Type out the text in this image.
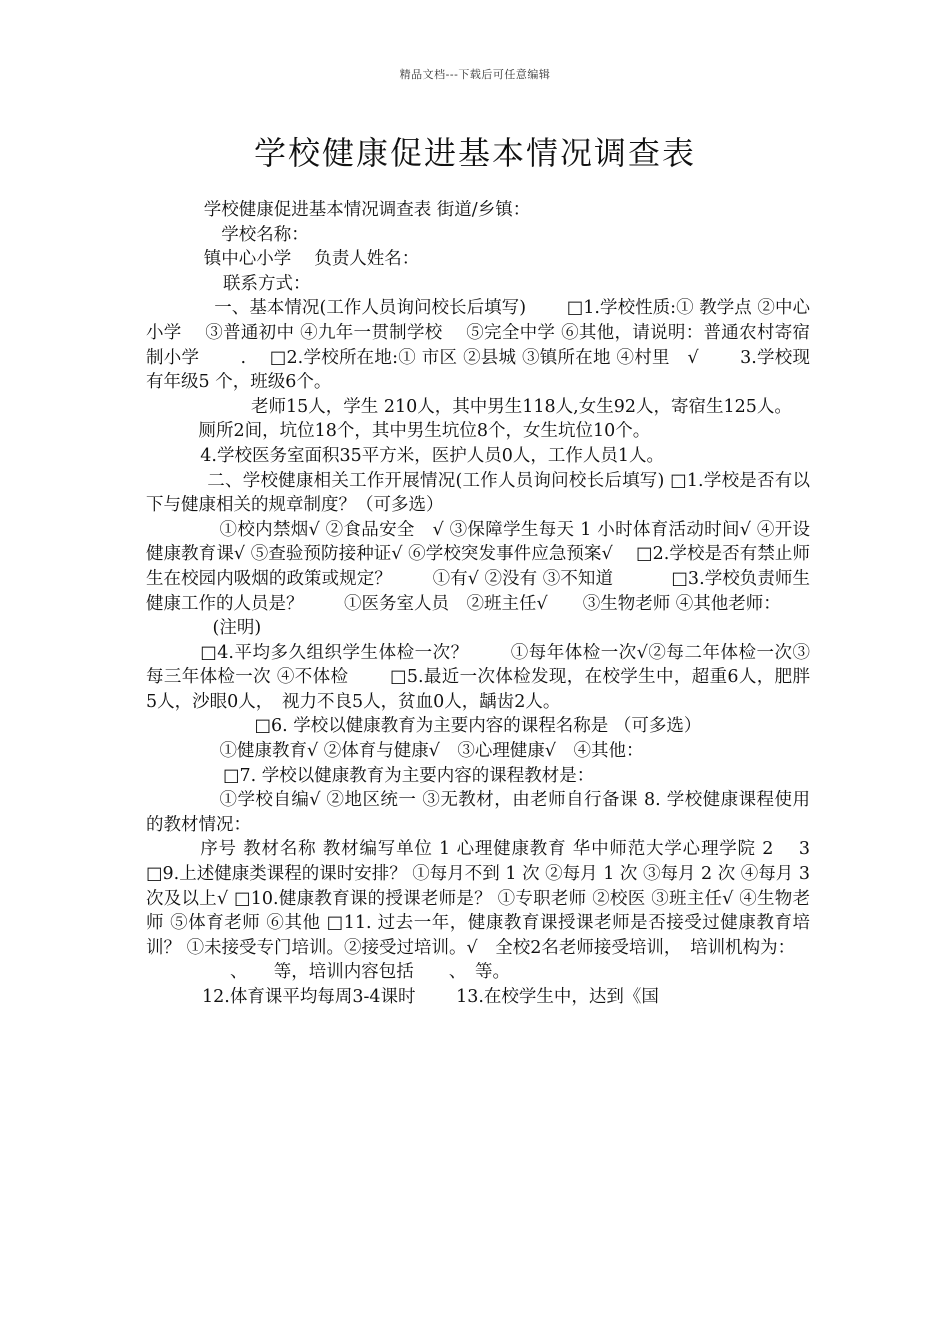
精品文档---下载后可任意编辑
学校健康促进基本情况调查表

学校健康促进基本情况调查表 街道/乡镇：

学校名称：

镇中心小学　 负责人姓名：

联系方式：

一、基本情况(工作人员询问校长后填写)　　 □1.学校性质:① 教学点 ②中心小学　 ③普通初中 ④九年一贯制学校　 ⑤完全中学 ⑥其他，请说明：普通农村寄宿制小学　　 .　 □2.学校所在地:① 市区 ②县城 ③镇所在地 ④村里　√　　 3.学校现有年级5 个，班级6个。

老师15人，学生 210人，其中男生118人,女生92人，寄宿生125人。

厕所2间，坑位18个，其中男生坑位8个，女生坑位10个。

4.学校医务室面积35平方米，医护人员0人，工作人员1人。

二、学校健康相关工作开展情况(工作人员询问校长后填写) □1.学校是否有以下与健康相关的规章制度？（可多选）

①校内禁烟√ ②食品安全　√ ③保障学生每天 1 小时体育活动时间√ ④开设健康教育课√ ⑤查验预防接种证√ ⑥学校突发事件应急预案√　 □2.学校是否有禁止师生在校园内吸烟的政策或规定？　　 ①有√ ②没有 ③不知道　　　 □3.学校负责师生健康工作的人员是？　　 ①医务室人员　②班主任√　　③生物老师 ④其他老师：

(注明)

□4.平均多久组织学生体检一次？　　 ①每年体检一次√②每二年体检一次③每三年体检一次 ④不体检　　 □5.最近一次体检发现，在校学生中，超重6人，肥胖 5人，沙眼0人，　视力不良5人，贫血0人，龋齿2人。

□6. 学校以健康教育为主要内容的课程名称是 （可多选）

①健康教育√ ②体育与健康√　③心理健康√　④其他：

□7. 学校以健康教育为主要内容的课程教材是：

①学校自编√ ②地区统一 ③无教材，由老师自行备课 8. 学校健康课程使用的教材情况：

序号 教材名称 教材编写单位 1 心理健康教育 华中师范大学心理学院 2　 3　　□9.上述健康类课程的课时安排？ ①每月不到 1 次 ②每月 1 次 ③每月 2 次 ④每月 3 次及以上√ □10.健康教育课的授课老师是？ ①专职老师 ②校医 ③班主任√ ④生物老师 ⑤体育老师 ⑥其他 □11. 过去一年，健康教育课授课老师是否接受过健康教育培训？ ①未接受专门培训。②接受过培训。√　全校2名老师接受培训，　培训机构为：

、　　等，培训内容包括　　、　等。

12.体育课平均每周3-4课时　　 13.在校学生中，达到《国
